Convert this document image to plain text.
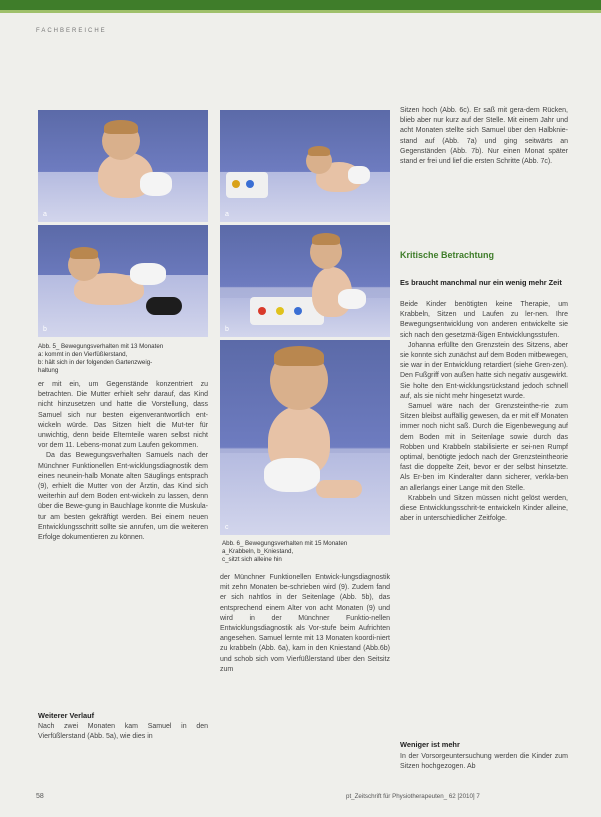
FACHBEREICHE
a
b
Abb. 5_ Bewegungsverhalten mit 13 Monaten
a: kommt in den Vierfüßlerstand,
b: hält sich in der folgenden Gartenzweig-
haltung
a
b
c
Abb. 6_ Bewegungsverhalten mit 15 Monaten
a_Krabbeln, b_Kniestand,
c_sitzt sich alleine hin

er mit ein, um Gegenstände konzentriert zu betrachten. Die Mutter erhielt sehr darauf, das Kind nicht hinzusetzen und hatte die Vorstellung, dass Samuel sich nur besten eigenverantwortlich ent-wickeln würde. Das Sitzen hielt die Mut-ter für unwichtig, denn beide Elternteile waren selbst nicht vor dem 11. Lebens-monat zum Laufen gekommen.

Da das Bewegungsverhalten Samuels nach der Münchner Funktionellen Ent-wicklungsdiagnostik dem eines neunein-halb Monate alten Säuglings entsprach (9), erhielt die Mutter von der Ärztin, das Kind sich weiterhin auf dem Boden ent-wickeln zu lassen, denn über die Bewe-gung in Bauchlage konnte die Muskula-tur am besten gekräftigt werden. Bei einem neuen Entwicklungsschritt sollte sie anrufen, um die weiteren Erfolge dokumentieren zu können.

Weiterer Verlauf
Nach zwei Monaten kam Samuel in den Vierfüßlerstand (Abb. 5a), wie dies in
der Münchner Funktionellen Entwick-lungsdiagnostik mit zehn Monaten be-schrieben wird (9). Zudem fand er sich nahtlos in der Seitenlage (Abb. 5b), das entsprechend einem Alter von acht Monaten (9) und wird in der Münchner Funktio-nellen Entwicklungsdiagnostik als Vor-stufe beim Aufrichten angesehen. Samuel lernte mit 13 Monaten koordi-niert zu krabbeln (Abb. 6a), kam in den Kniestand (Abb.6b) und schob sich vom Vierfüßlerstand über den Seitsitz zum
Sitzen hoch (Abb. 6c). Er saß mit gera-dem Rücken, blieb aber nur kurz auf der Stelle. Mit einem Jahr und acht Monaten stellte sich Samuel über den Halbknie-stand auf (Abb. 7a) und ging seitwärts an Gegenständen (Abb. 7b). Nur einen Monat später stand er frei und lief die ersten Schritte (Abb. 7c).
Kritische Betrachtung
Es braucht manchmal nur ein wenig mehr Zeit

Beide Kinder benötigten keine Therapie, um Krabbeln, Sitzen und Laufen zu ler-nen. Ihre Bewegungsentwicklung von anderen entwickelte sie sich nach den gesetzmä-ßigen Entwicklungsstufen.

Johanna erfüllte den Grenzstein des Sitzens, aber sie konnte sich zunächst auf dem Boden mitbewegen, sie war in der Entwicklung retardiert (siehe Gren-zen). Den Fußgriff von außen hatte sich negativ ausgewirkt. Sie holte den Ent-wicklungsrückstand jedoch schnell auf, als sie nicht mehr hingesetzt wurde.

Samuel wäre nach der Grenzsteinthe-rie zum Sitzen bleibst auffällig gewesen, da er mit elf Monaten immer noch nicht saß. Durch die Eigenbewegung auf dem Boden mit in Seitenlage sowie durch das Robben und Krabbeln stabilisierte er sei-nen Rumpf optimal, benötigte jedoch nach der Grenzsteintheorie fast die doppelte Zeit, bevor er der selbst hinsetzte. Als Er-ben im Kinderalter dann sicherer, verkla-ben an allerlangs einer Lange mit den Stelle.

Krabbeln und Sitzen müssen nicht gelöst werden, diese Entwicklungsschrit-te entwickeln Kinder alleine, aber in unterschiedlicher Zeitfolge.

Weniger ist mehr
In der Vorsorgeuntersuchung werden die Kinder zum Sitzen hochgezogen. Ab
58	pt_Zeitschrift für Physiotherapeuten_ 62 [2010] 7
